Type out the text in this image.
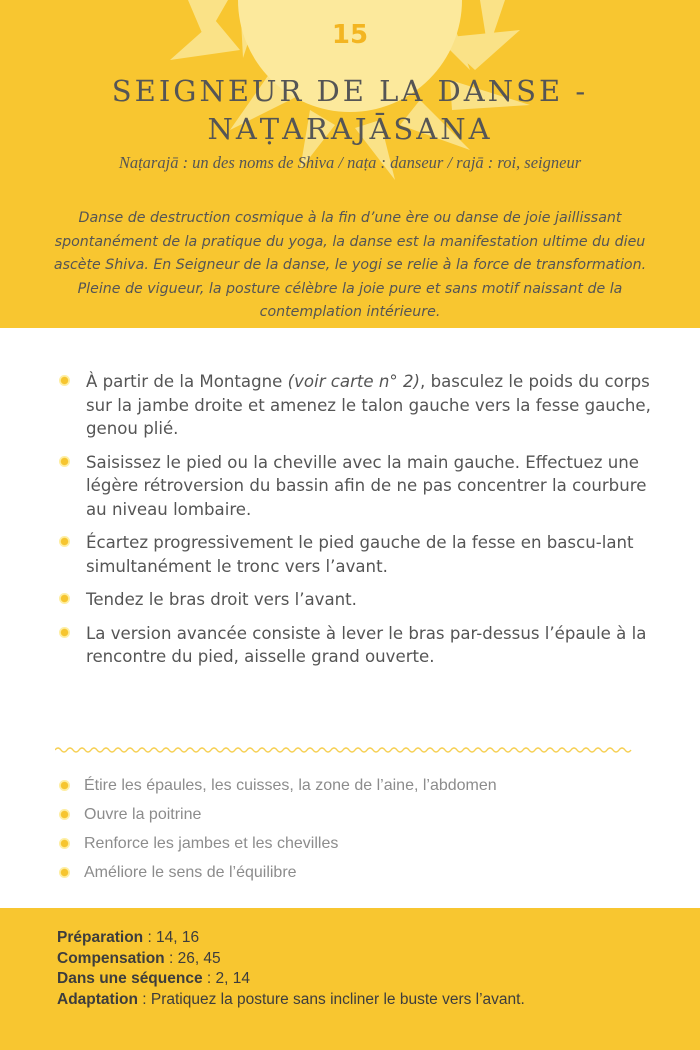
15
SEIGNEUR DE LA DANSE -
NAṬARAJĀSANA
Naṭarajā : un des noms de Shiva / naṭa : danseur / rajā : roi, seigneur
Danse de destruction cosmique à la fin d’une ère ou danse de joie jaillissant spontanément de la pratique du yoga, la danse est la manifestation ultime du dieu ascète Shiva. En Seigneur de la danse, le yogi se relie à la force de transformation. Pleine de vigueur, la posture célèbre la joie pure et sans motif naissant de la contemplation intérieure.
À partir de la Montagne (voir carte n° 2), basculez le poids du corps sur la jambe droite et amenez le talon gauche vers la fesse gauche, genou plié.
Saisissez le pied ou la cheville avec la main gauche. Effectuez une légère rétroversion du bassin afin de ne pas concentrer la courbure au niveau lombaire.
Écartez progressivement le pied gauche de la fesse en bascu-lant simultanément le tronc vers l’avant.
Tendez le bras droit vers l’avant.
La version avancée consiste à lever le bras par-dessus l’épaule à la rencontre du pied, aisselle grand ouverte.
Étire les épaules, les cuisses, la zone de l’aine, l’abdomen
Ouvre la poitrine
Renforce les jambes et les chevilles
Améliore le sens de l’équilibre
Préparation : 14, 16
Compensation : 26, 45
Dans une séquence : 2, 14
Adaptation : Pratiquez la posture sans incliner le buste vers l’avant.
